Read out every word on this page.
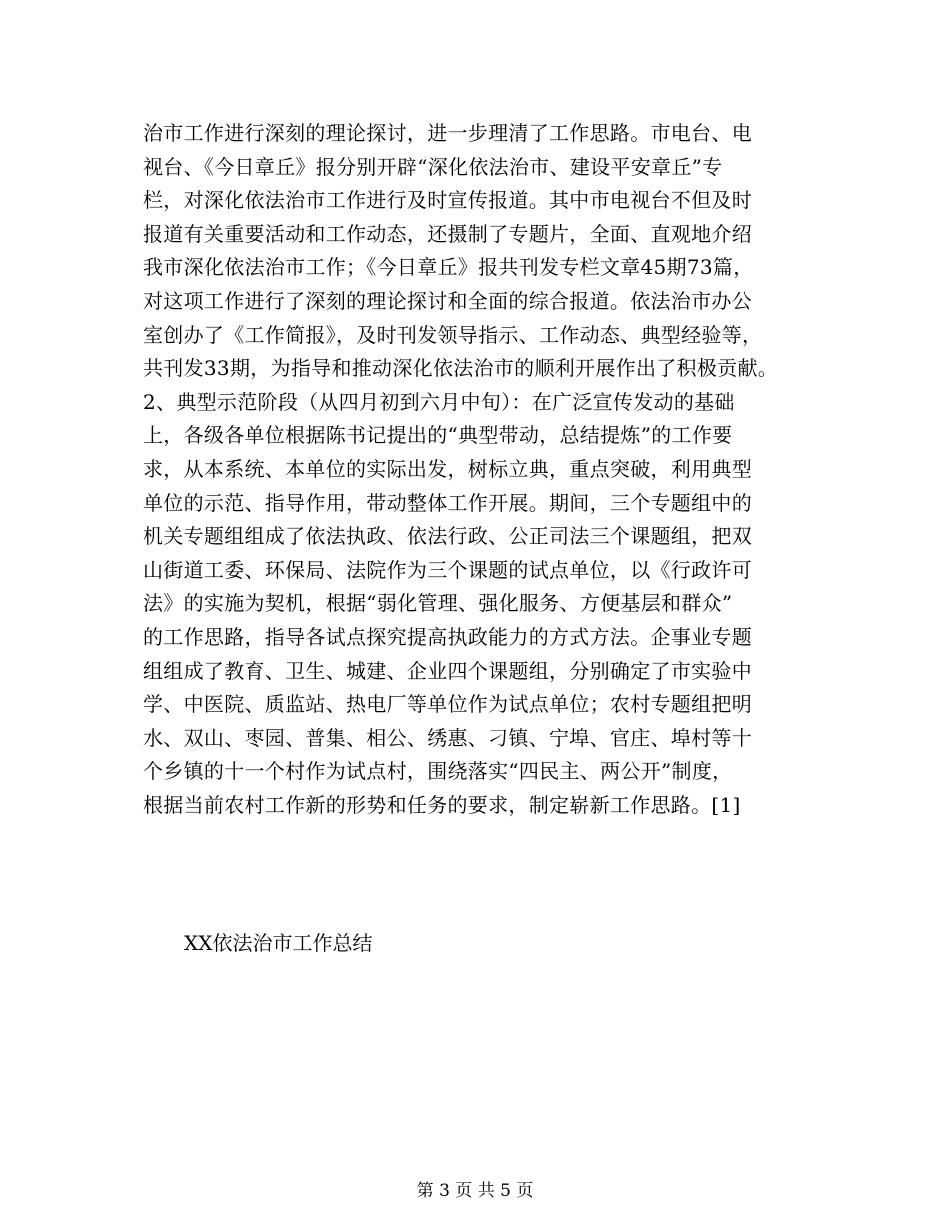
治市工作进行深刻的理论探讨，进一步理清了工作思路。市电台、电
视台、《今日章丘》报分别开辟“深化依法治市、建设平安章丘”专
栏，对深化依法治市工作进行及时宣传报道。其中市电视台不但及时
报道有关重要活动和工作动态，还摄制了专题片，全面、直观地介绍
我市深化依法治市工作；《今日章丘》报共刊发专栏文章45期73篇，
对这项工作进行了深刻的理论探讨和全面的综合报道。依法治市办公
室创办了《工作简报》，及时刊发领导指示、工作动态、典型经验等，
共刊发33期，为指导和推动深化依法治市的顺利开展作出了积极贡献。
2、典型示范阶段（从四月初到六月中旬）：在广泛宣传发动的基础
上，各级各单位根据陈书记提出的“典型带动，总结提炼”的工作要
求，从本系统、本单位的实际出发，树标立典，重点突破，利用典型
单位的示范、指导作用，带动整体工作开展。期间，三个专题组中的
机关专题组组成了依法执政、依法行政、公正司法三个课题组，把双
山街道工委、环保局、法院作为三个课题的试点单位，以《行政许可
法》的实施为契机，根据“弱化管理、强化服务、方便基层和群众”
的工作思路，指导各试点探究提高执政能力的方式方法。企事业专题
组组成了教育、卫生、城建、企业四个课题组，分别确定了市实验中
学、中医院、质监站、热电厂等单位作为试点单位；农村专题组把明
水、双山、枣园、普集、相公、绣惠、刁镇、宁埠、官庄、埠村等十
个乡镇的十一个村作为试点村，围绕落实“四民主、两公开”制度，
根据当前农村工作新的形势和任务的要求，制定崭新工作思路。[1]
XX依法治市工作总结
第 3 页 共 5 页
